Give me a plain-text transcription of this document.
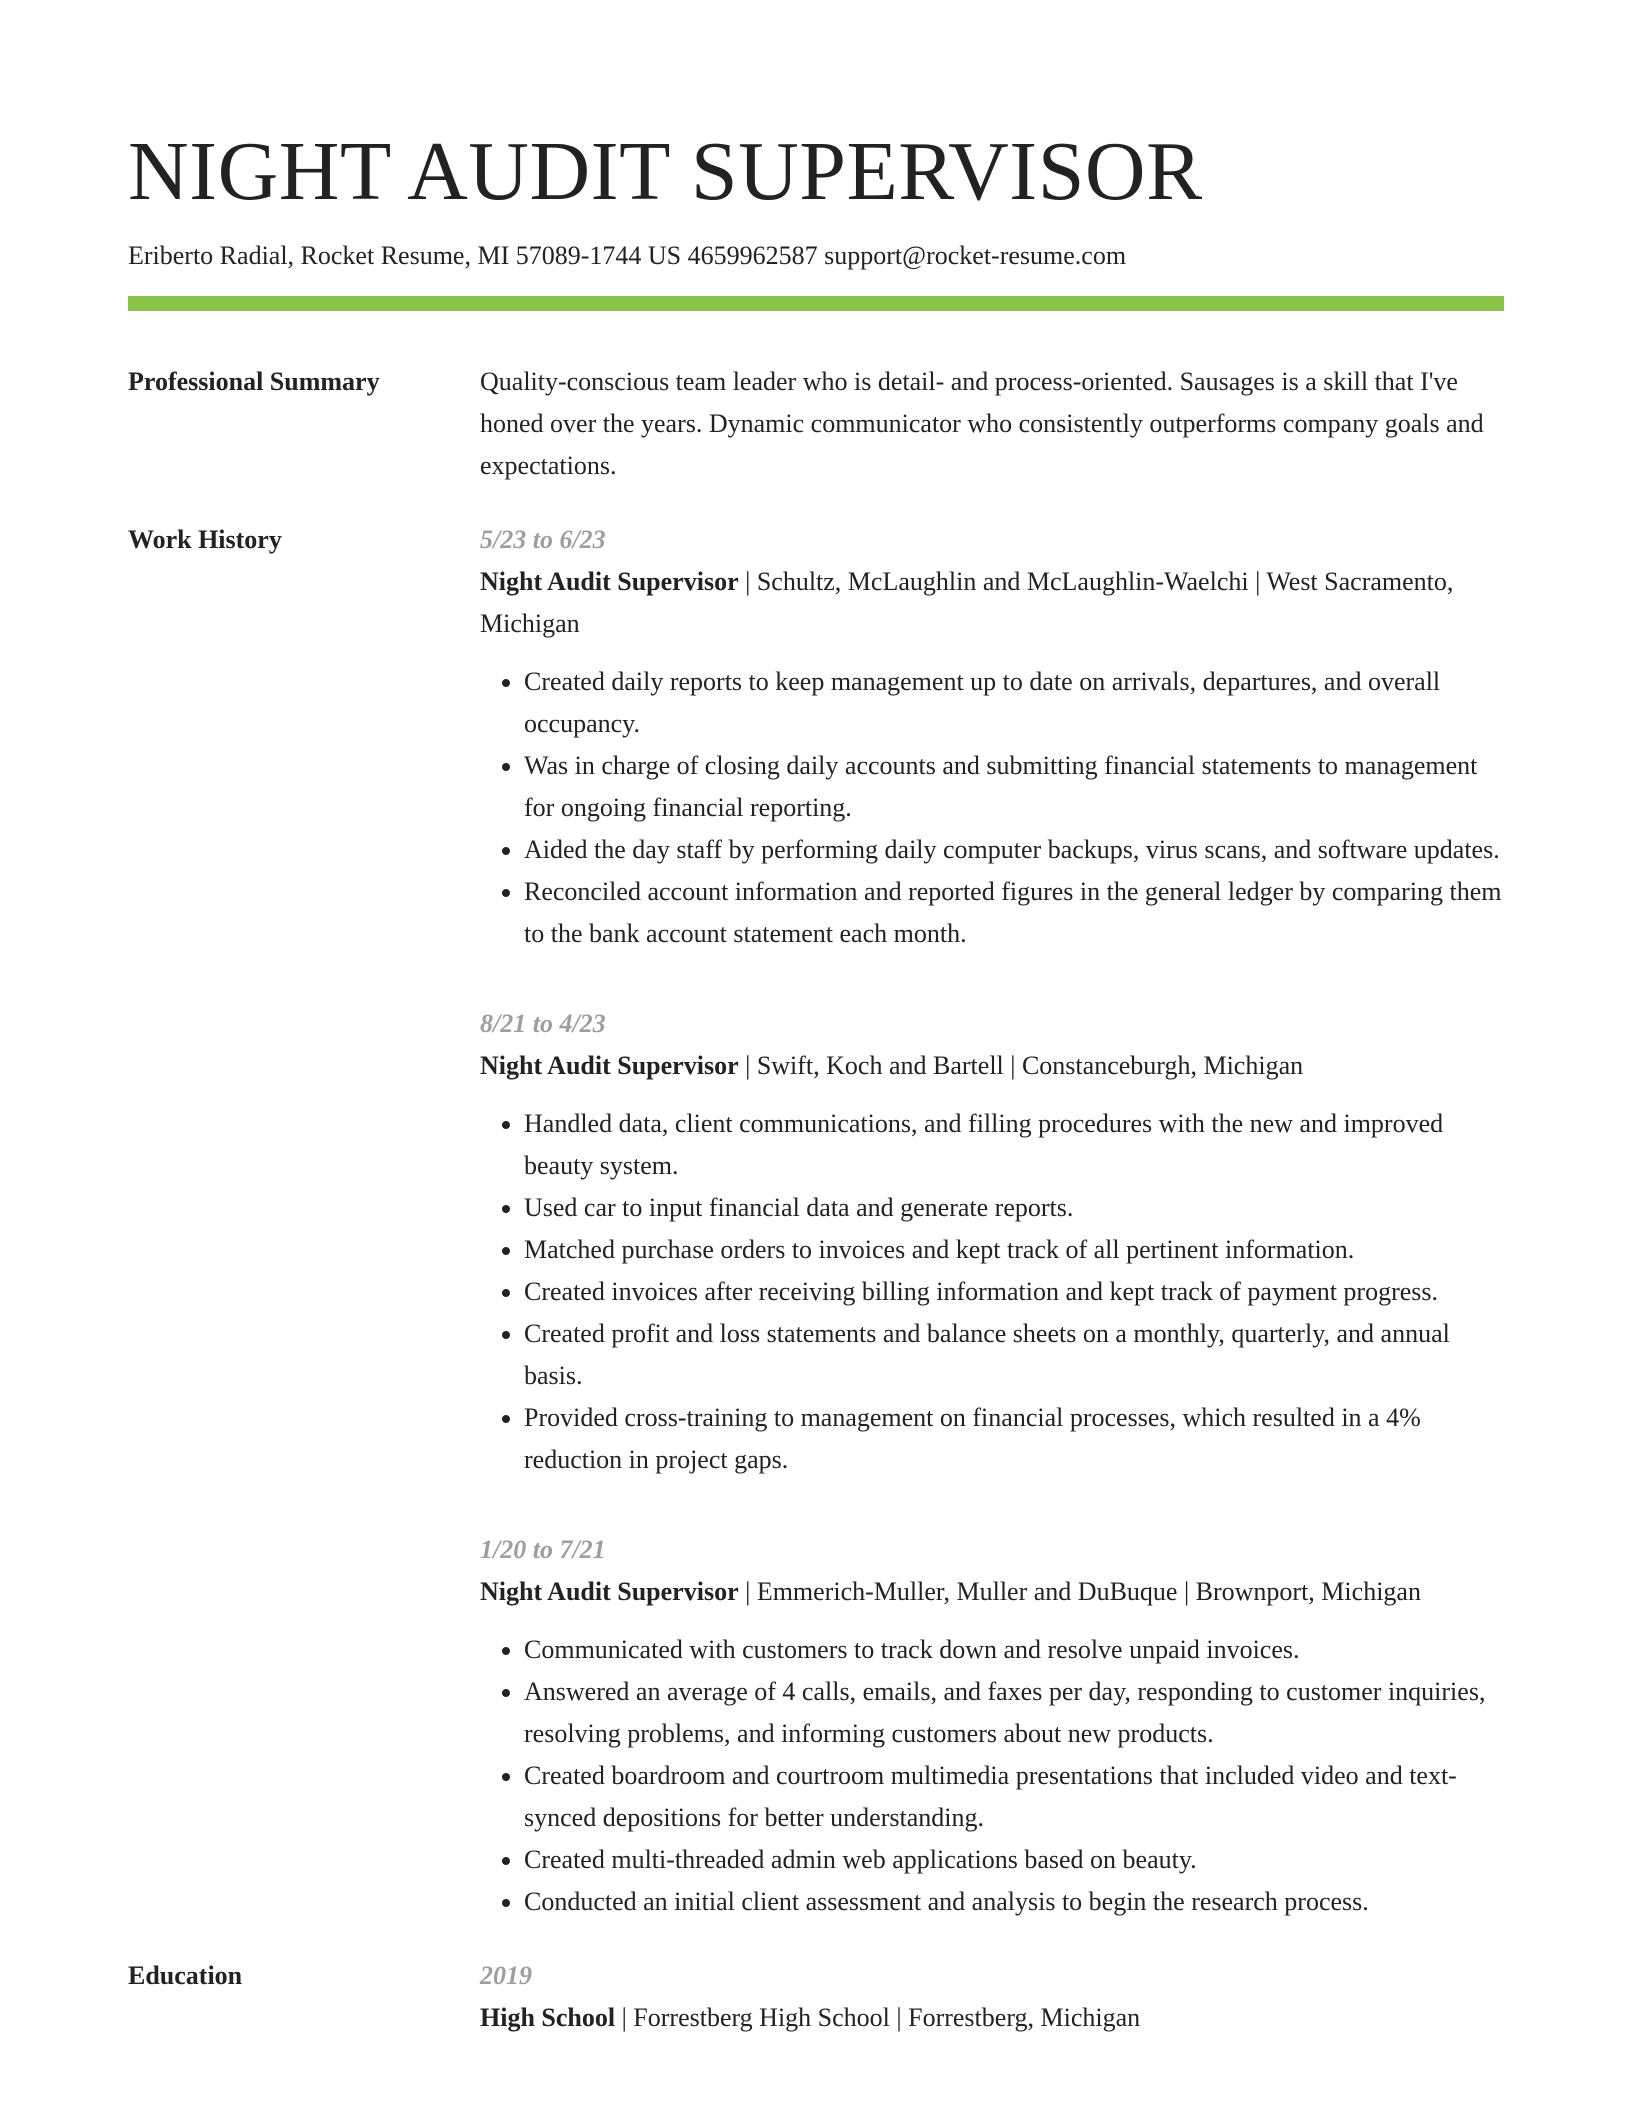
NIGHT AUDIT SUPERVISOR
Eriberto Radial, Rocket Resume, MI 57089-1744 US 4659962587 support@rocket-resume.com
Professional Summary	Quality-conscious team leader who is detail- and process-oriented. Sausages is a skill that I've honed over the years. Dynamic communicator who consistently outperforms company goals and expectations.

Work History	5/23 to 6/23
Night Audit Supervisor | Schultz, McLaughlin and McLaughlin-Waelchi | West Sacramento, Michigan
• Created daily reports to keep management up to date on arrivals, departures, and overall occupancy.
• Was in charge of closing daily accounts and submitting financial statements to management for ongoing financial reporting.
• Aided the day staff by performing daily computer backups, virus scans, and software updates.
• Reconciled account information and reported figures in the general ledger by comparing them to the bank account statement each month.
8/21 to 4/23
Night Audit Supervisor | Swift, Koch and Bartell | Constanceburgh, Michigan
• Handled data, client communications, and filling procedures with the new and improved beauty system.
• Used car to input financial data and generate reports.
• Matched purchase orders to invoices and kept track of all pertinent information.
• Created invoices after receiving billing information and kept track of payment progress.
• Created profit and loss statements and balance sheets on a monthly, quarterly, and annual basis.
• Provided cross-training to management on financial processes, which resulted in a 4% reduction in project gaps.
1/20 to 7/21
Night Audit Supervisor | Emmerich-Muller, Muller and DuBuque | Brownport, Michigan
• Communicated with customers to track down and resolve unpaid invoices.
• Answered an average of 4 calls, emails, and faxes per day, responding to customer inquiries, resolving problems, and informing customers about new products.
• Created boardroom and courtroom multimedia presentations that included video and text-synced depositions for better understanding.
• Created multi-threaded admin web applications based on beauty.
• Conducted an initial client assessment and analysis to begin the research process.
Education	2019
High School | Forrestberg High School | Forrestberg, Michigan
